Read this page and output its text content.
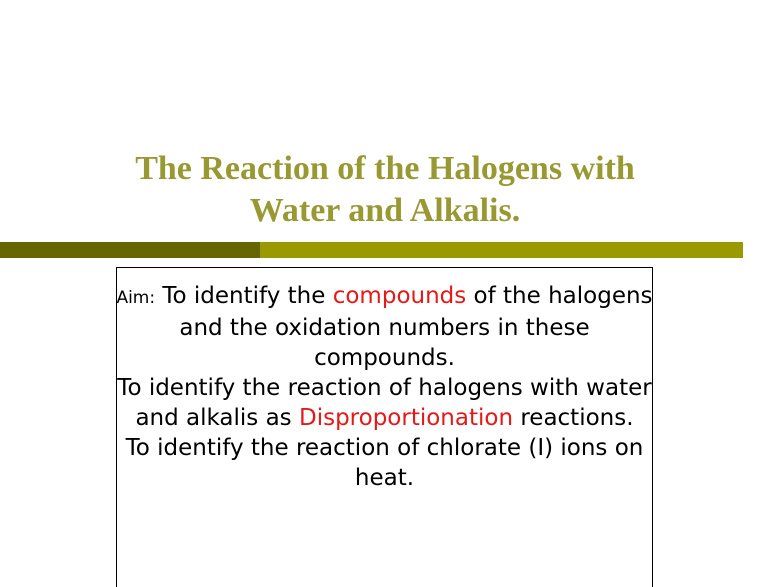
The Reaction of the Halogens with
Water and Alkalis.

Aim: To identify the compounds of the halogens and the oxidation numbers in these compounds.

To identify the reaction of halogens with water and alkalis as Disproportionation reactions.

To identify the reaction of chlorate (I) ions on heat.
